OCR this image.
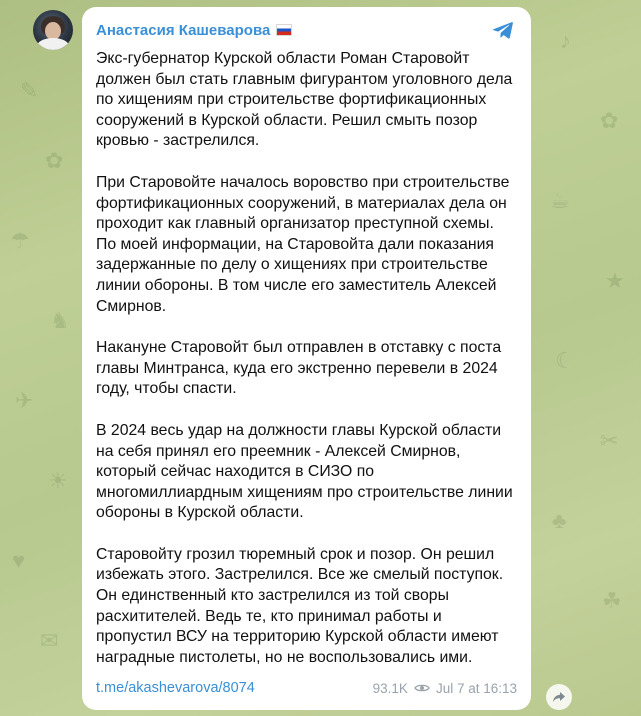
✎
✿
☂
♞
✈
☀
♥
✉
♪
✿
☕
★
☾
✂
♣
☘
Анастасия Кашеварова

Экс-губернатор Курской области Роман Старовойт должен был стать главным фигурантом уголовного дела по хищениям при строительстве фортификационных сооружений в Курской области. Решил смыть позор кровью - застрелился.

При Старовойте началось воровство при строительстве фортификационных сооружений, в материалах дела он проходит как главный организатор преступной схемы. По моей информации, на Старовойта дали показания задержанные по делу о хищениях при строительстве линии обороны. В том числе его заместитель Алексей Смирнов.

Накануне Старовойт был отправлен в отставку с поста главы Минтранса, куда его экстренно перевели в 2024 году, чтобы спасти.

В 2024 весь удар на должности главы Курской области на себя принял его преемник - Алексей Смирнов, который сейчас находится в СИЗО по многомиллиардным хищениям про строительстве линии обороны в Курской области.

Старовойту грозил тюремный срок и позор. Он решил избежать этого. Застрелился. Все же смелый поступок. Он единственный кто застрелился из той своры расхитителей. Ведь те, кто принимал работы и пропустил ВСУ на территорию Курской области имеют наградные пистолеты, но не воспользовались ими.

t.me/akashevarova/8074	93.1K Jul 7 at 16:13
